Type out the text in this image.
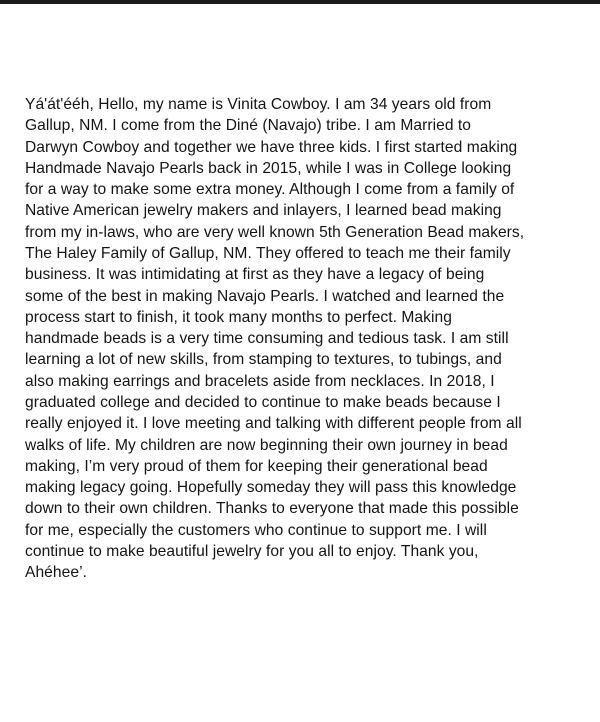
Yá'át'ééh, Hello, my name is Vinita Cowboy. I am 34 years old from
Gallup, NM. I come from the Diné (Navajo) tribe. I am Married to
Darwyn Cowboy and together we have three kids. I first started making
Handmade Navajo Pearls back in 2015, while I was in College looking
for a way to make some extra money. Although I come from a family of
Native American jewelry makers and inlayers, I learned bead making
from my in-laws, who are very well known 5th Generation Bead makers,
The Haley Family of Gallup, NM. They offered to teach me their family
business. It was intimidating at first as they have a legacy of being
some of the best in making Navajo Pearls. I watched and learned the
process start to finish, it took many months to perfect. Making
handmade beads is a very time consuming and tedious task. I am still
learning a lot of new skills, from stamping to textures, to tubings, and
also making earrings and bracelets aside from necklaces. In 2018, I
graduated college and decided to continue to make beads because I
really enjoyed it. I love meeting and talking with different people from all
walks of life. My children are now beginning their own journey in bead
making, I’m very proud of them for keeping their generational bead
making legacy going. Hopefully someday they will pass this knowledge
down to their own children. Thanks to everyone that made this possible
for me, especially the customers who continue to support me. I will
continue to make beautiful jewelry for you all to enjoy. Thank you,
Ahéhee’.
